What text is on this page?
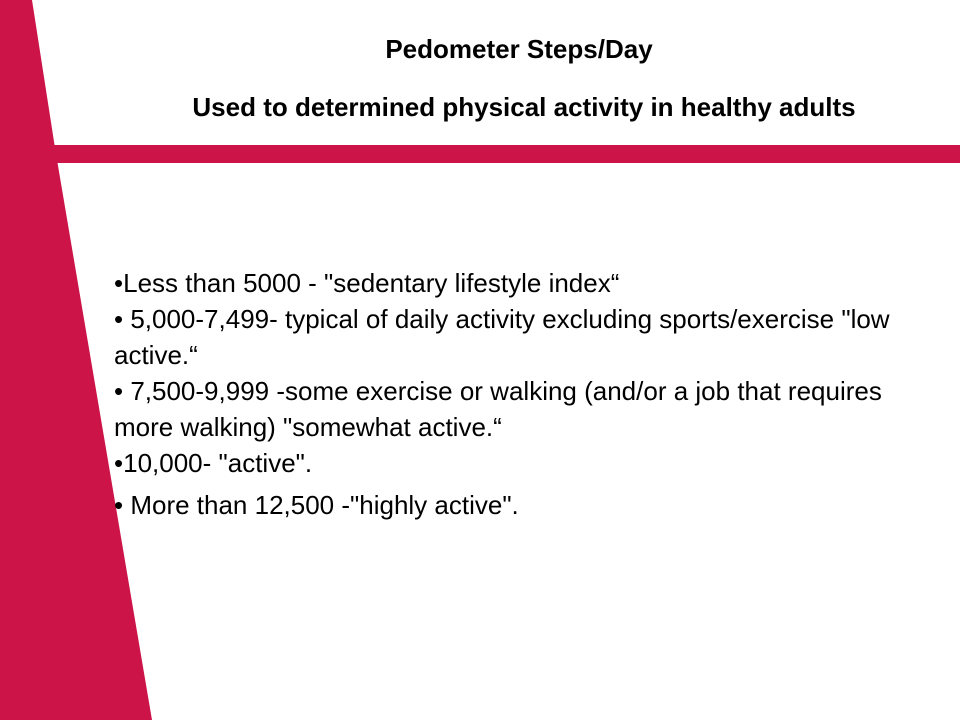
Pedometer Steps/Day
Used to determined physical activity in healthy adults

•Less than 5000 - "sedentary lifestyle index“

• 5,000-7,499- typical of daily activity excluding sports/exercise "low active.“

• 7,500-9,999 -some exercise or walking (and/or a job that requires more walking) "somewhat active.“

•10,000- "active".

• More than 12,500 -"highly active".
